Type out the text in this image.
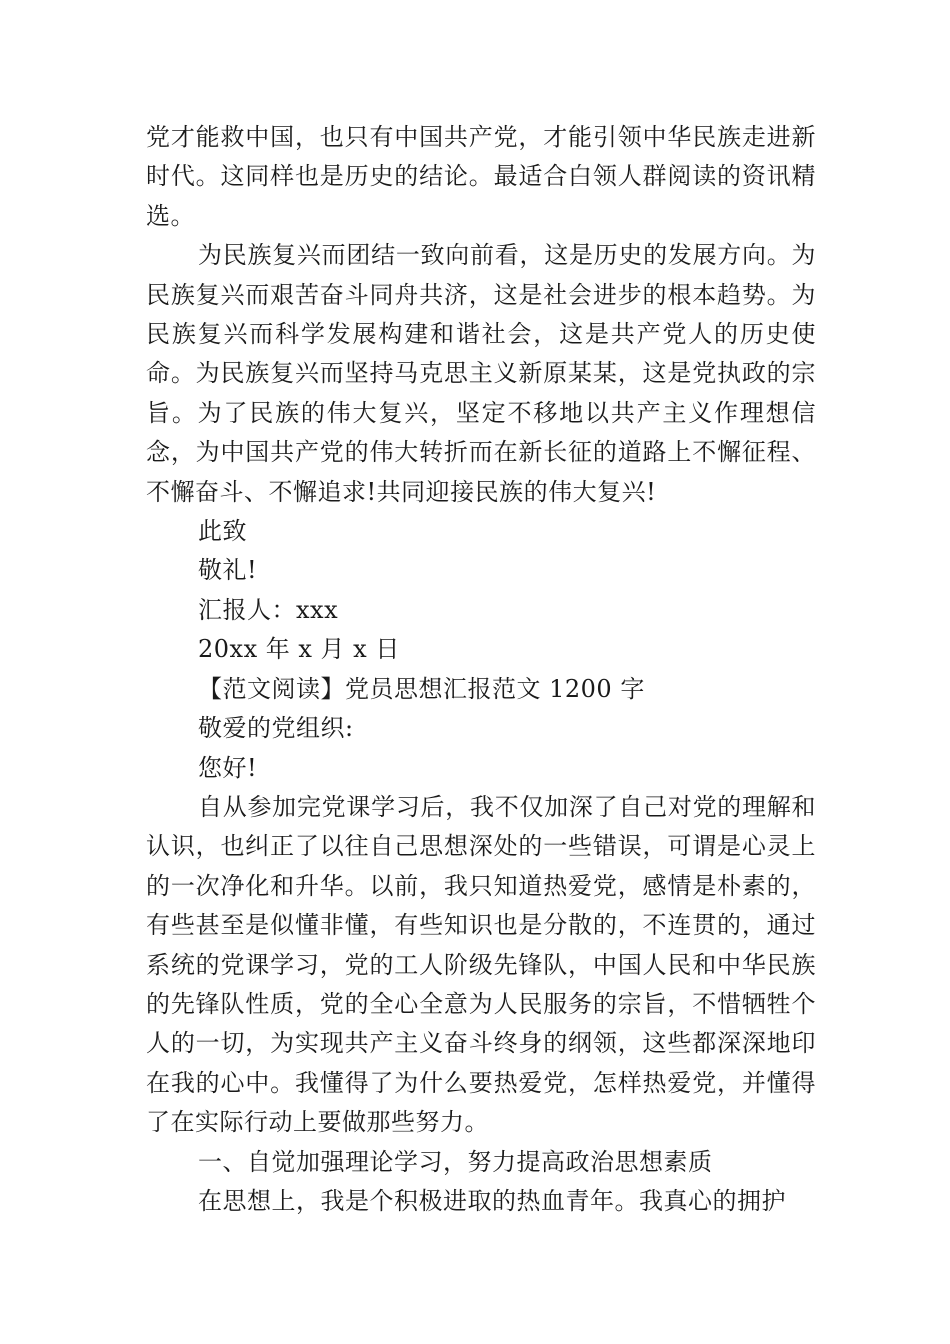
党才能救中国，也只有中国共产党，才能引领中华民族走进新时代。这同样也是历史的结论。最适合白领人群阅读的资讯精选。

为民族复兴而团结一致向前看，这是历史的发展方向。为民族复兴而艰苦奋斗同舟共济，这是社会进步的根本趋势。为民族复兴而科学发展构建和谐社会，这是共产党人的历史使命。为民族复兴而坚持马克思主义新原某某，这是党执政的宗旨。为了民族的伟大复兴，坚定不移地以共产主义作理想信念，为中国共产党的伟大转折而在新长征的道路上不懈征程、不懈奋斗、不懈追求!共同迎接民族的伟大复兴!

此致

敬礼!

汇报人：xxx

20xx 年 x 月 x 日

【范文阅读】党员思想汇报范文 1200 字

敬爱的党组织:

您好!

自从参加完党课学习后，我不仅加深了自己对党的理解和认识，也纠正了以往自己思想深处的一些错误，可谓是心灵上的一次净化和升华。以前，我只知道热爱党，感情是朴素的，有些甚至是似懂非懂，有些知识也是分散的，不连贯的，通过系统的党课学习，党的工人阶级先锋队，中国人民和中华民族的先锋队性质，党的全心全意为人民服务的宗旨，不惜牺牲个人的一切，为实现共产主义奋斗终身的纲领，这些都深深地印在我的心中。我懂得了为什么要热爱党，怎样热爱党，并懂得了在实际行动上要做那些努力。

一、自觉加强理论学习，努力提高政治思想素质

在思想上，我是个积极进取的热血青年。我真心的拥护
